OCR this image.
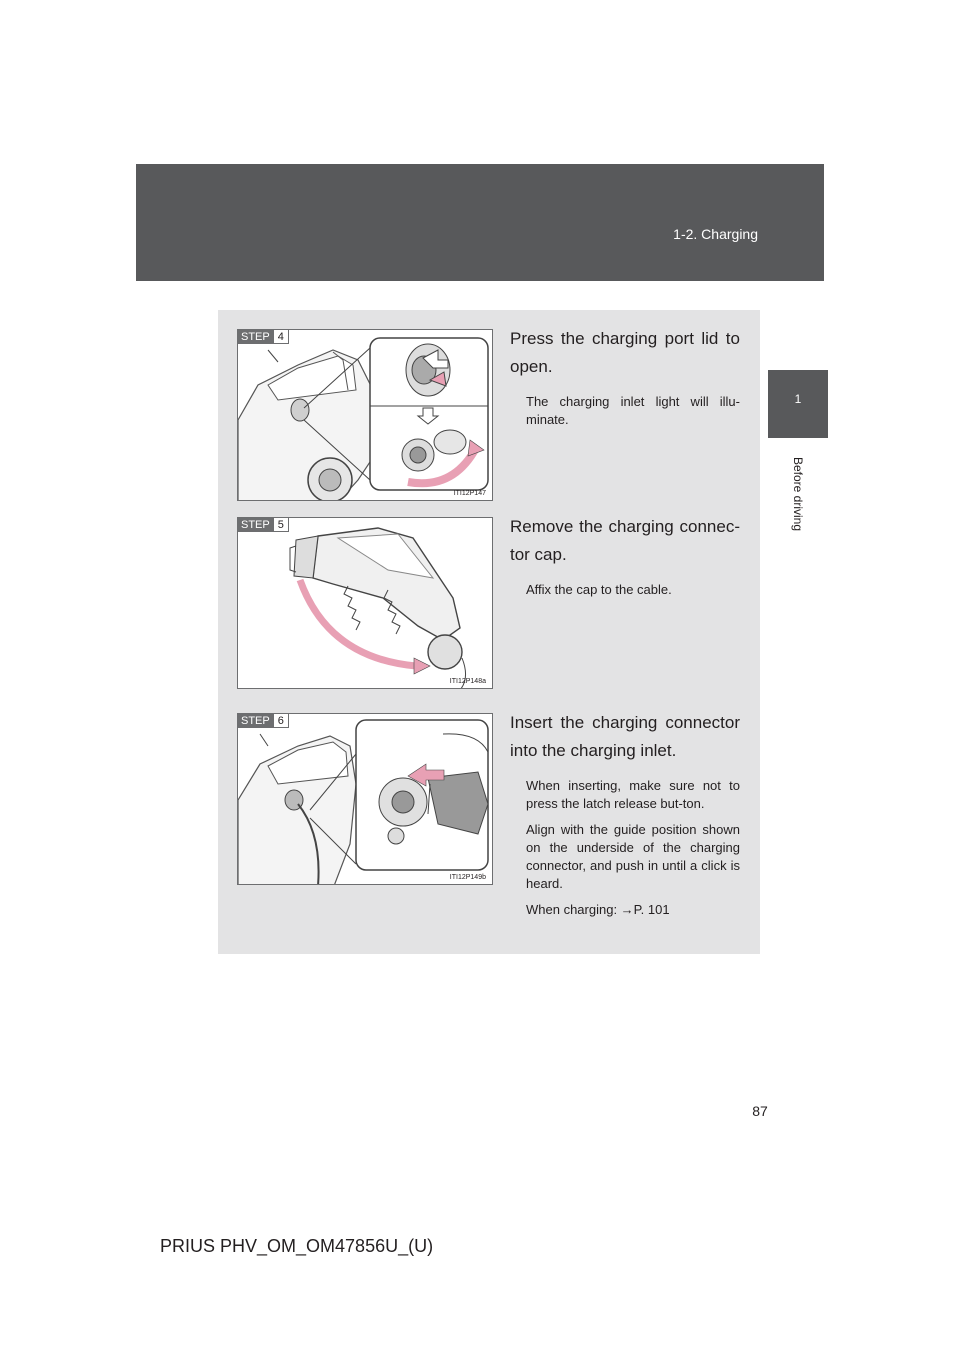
1-2. Charging
1
Before driving
STEP 4
ITI12P147

Press the charging port lid to open.

The charging inlet light will illu-minate.

STEP 5
ITI12P148a

Remove the charging connec-tor cap.

Affix the cap to the cable.

STEP 6
ITI12P149b

Insert the charging connector into the charging inlet.

When inserting, make sure not to press the latch release but-ton.

Align with the guide position shown on the underside of the charging connector, and push in until a click is heard.

When charging: →P. 101

87
PRIUS PHV_OM_OM47856U_(U)
